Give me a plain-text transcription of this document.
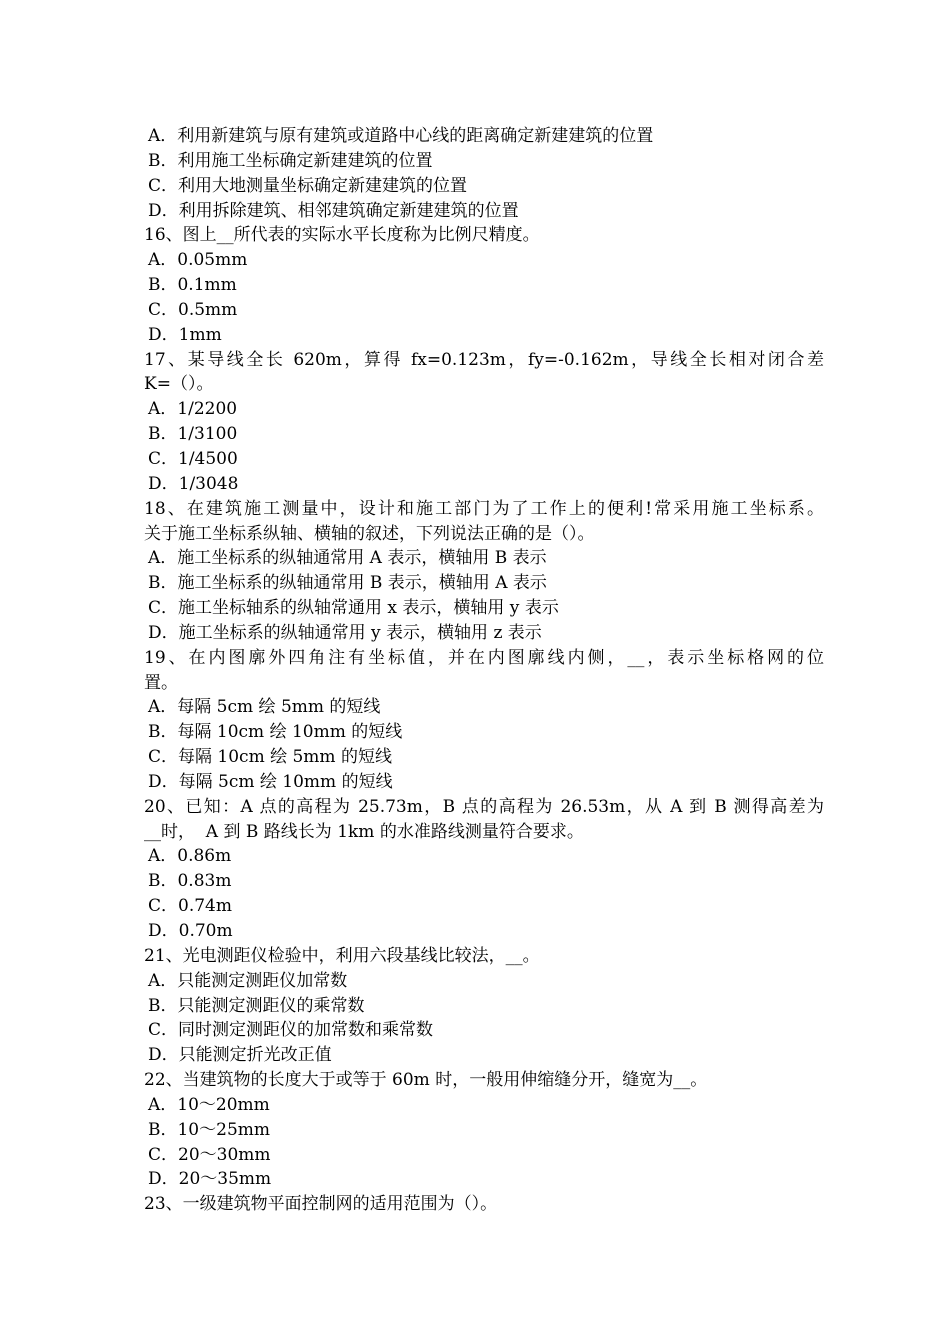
A．利用新建筑与原有建筑或道路中心线的距离确定新建建筑的位置
B．利用施工坐标确定新建建筑的位置
C．利用大地测量坐标确定新建建筑的位置
D．利用拆除建筑、相邻建筑确定新建建筑的位置
16、图上__所代表的实际水平长度称为比例尺精度。
A．0.05mm
B．0.1mm
C．0.5mm
D．1mm
17、某导线全长 620m，算得 fx=0.123m，fy=-0.162m，导线全长相对闭合差
K=（）。
A．1/2200
B．1/3100
C．1/4500
D．1/3048
18、在建筑施工测量中，设计和施工部门为了工作上的便利!常采用施工坐标系。
关于施工坐标系纵轴、横轴的叙述，下列说法正确的是（）。
A．施工坐标系的纵轴通常用 A 表示，横轴用 B 表示
B．施工坐标系的纵轴通常用 B 表示，横轴用 A 表示
C．施工坐标轴系的纵轴常通用 x 表示，横轴用 y 表示
D．施工坐标系的纵轴通常用 y 表示，横轴用 z 表示
19、在内图廓外四角注有坐标值，并在内图廓线内侧，__，表示坐标格网的位
置。
A．每隔 5cm 绘 5mm 的短线
B．每隔 10cm 绘 10mm 的短线
C．每隔 10cm 绘 5mm 的短线
D．每隔 5cm 绘 10mm 的短线
20、已知：A 点的高程为 25.73m，B 点的高程为 26.53m，从 A 到 B 测得高差为
__时，  A 到 B 路线长为 1km 的水准路线测量符合要求。
A．0.86m
B．0.83m
C．0.74m
D．0.70m
21、光电测距仪检验中，利用六段基线比较法，__。
A．只能测定测距仪加常数
B．只能测定测距仪的乘常数
C．同时测定测距仪的加常数和乘常数
D．只能测定折光改正值
22、当建筑物的长度大于或等于 60m 时，一般用伸缩缝分开，缝宽为__。
A．10～20mm
B．10～25mm
C．20～30mm
D．20～35mm
23、一级建筑物平面控制网的适用范围为（）。
